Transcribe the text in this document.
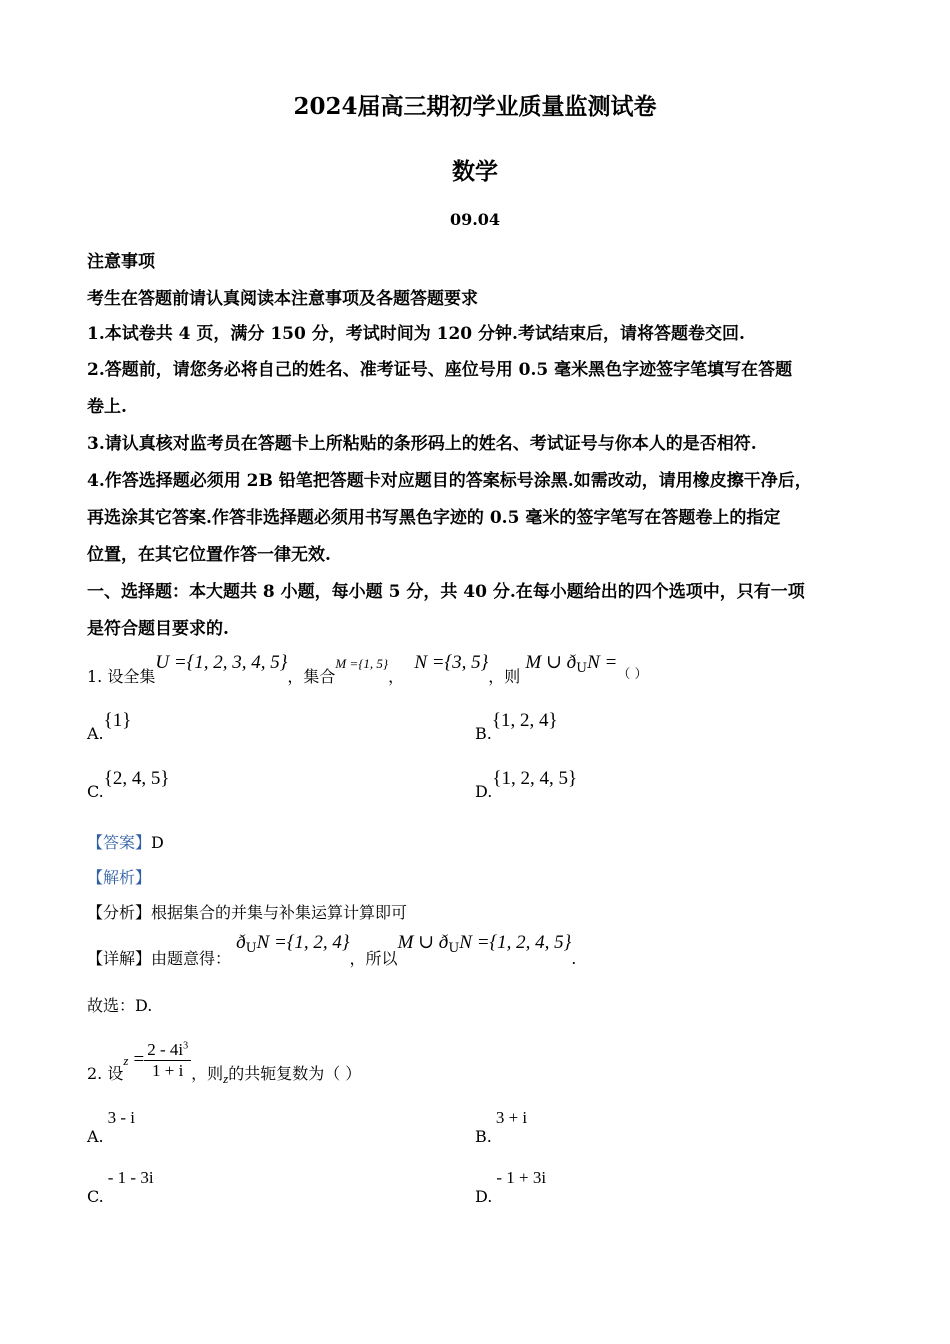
2024届高三期初学业质量监测试卷
数学
09.04
注意事项
考生在答题前请认真阅读本注意事项及各题答题要求
1.本试卷共 4 页，满分 150 分，考试时间为 120 分钟.考试结束后，请将答题卷交回.
2.答题前，请您务必将自己的姓名、准考证号、座位号用 0.5 毫米黑色字迹签字笔填写在答题
卷上.
3.请认真核对监考员在答题卡上所粘贴的条形码上的姓名、考试证号与你本人的是否相符.
4.作答选择题必须用 2B 铅笔把答题卡对应题目的答案标号涂黑.如需改动，请用橡皮擦干净后，
再选涂其它答案.作答非选择题必须用书写黑色字迹的 0.5 毫米的签字笔写在答题卷上的指定
位置，在其它位置作答一律无效.
一、选择题：本大题共 8 小题，每小题 5 分，共 40 分.在每小题给出的四个选项中，只有一项
是符合题目要求的.
1. 设全集U ={1, 2, 3, 4, 5}，集合M ={1, 5}，  N ={3, 5}，则 M ∪ $ð_UN =_{( )}$
A.{1}
B.{1, 2, 4}
C.{2, 4, 5}
D.{1, 2, 4, 5}
【答案】D
【解析】
【分析】根据集合的并集与补集运算计算即可
【详解】由题意得： $ð_UN =\{1$, 2, 4}，所以M ∪ $ð_UN =\{1$, 2, 4, 5}.
故选：D.
2. 设$_z = \frac{2 - 4i^3}{1 + i}$ ，则$_z$的共轭复数为（ ）
A.3 - i
B.3 + i
C.- 1 - 3i
D.- 1 + 3i
